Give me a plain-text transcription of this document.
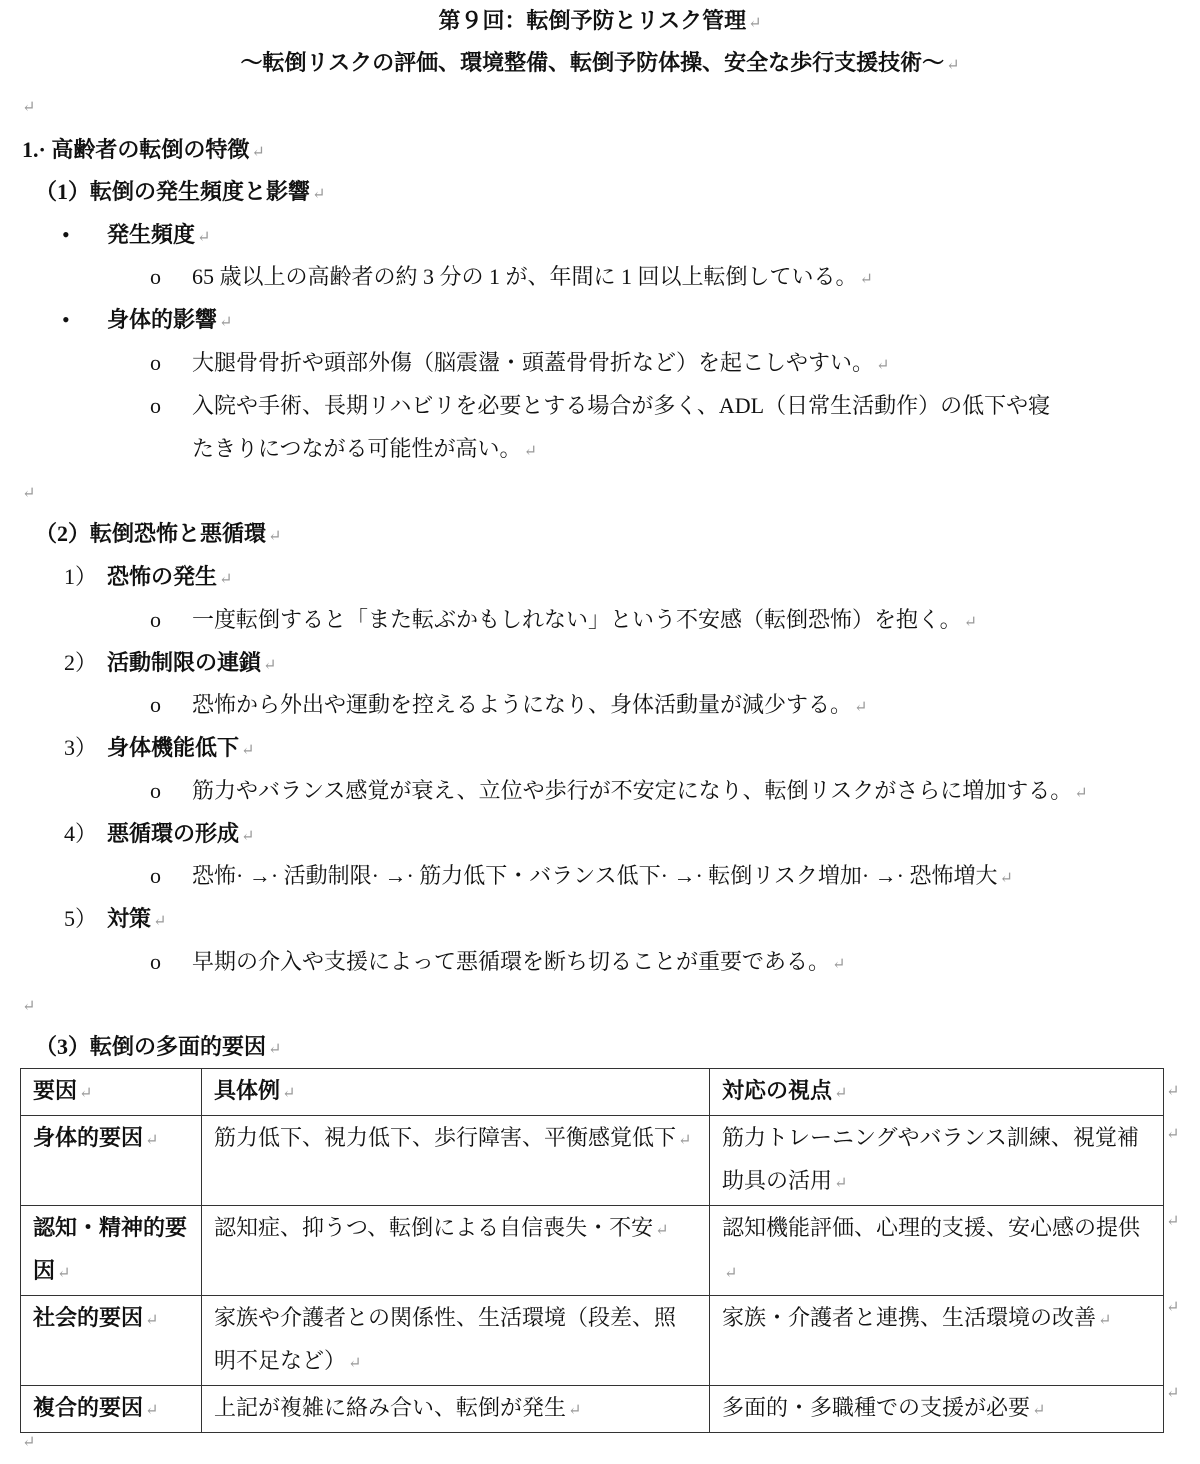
第９回：転倒予防とリスク管理 ↵
～転倒リスクの評価、環境整備、転倒予防体操、安全な歩行支援技術～ ↵
↵
1.· 高齢者の転倒の特徴 ↵
（1）転倒の発生頻度と影響 ↵
• 発生頻度 ↵
o 65 歳以上の高齢者の約 3 分の 1 が、年間に 1 回以上転倒している。 ↵
• 身体的影響 ↵
o 大腿骨骨折や頭部外傷（脳震盪・頭蓋骨骨折など）を起こしやすい。 ↵
o 入院や手術、長期リハビリを必要とする場合が多く、ADL（日常生活動作）の低下や寝
たきりにつながる可能性が高い。 ↵
↵
（2）転倒恐怖と悪循環 ↵
1） 恐怖の発生 ↵
o 一度転倒すると「また転ぶかもしれない」という不安感（転倒恐怖）を抱く。 ↵
2） 活動制限の連鎖 ↵
o 恐怖から外出や運動を控えるようになり、身体活動量が減少する。 ↵
3） 身体機能低下 ↵
o 筋力やバランス感覚が衰え、立位や歩行が不安定になり、転倒リスクがさらに増加する。 ↵
4） 悪循環の形成 ↵
o 恐怖· →· 活動制限· →· 筋力低下・バランス低下· →· 転倒リスク増加· →· 恐怖増大 ↵
5） 対策 ↵
o 早期の介入や支援によって悪循環を断ち切ることが重要である。 ↵
↵
（3）転倒の多面的要因 ↵
要因 ↵	具体例 ↵	対応の視点 ↵
身体的要因 ↵	筋力低下、視力低下、歩行障害、平衡感覚低下 ↵	筋力トレーニングやバランス訓練、視覚補助具の活用 ↵
認知・精神的要因 ↵	認知症、抑うつ、転倒による自信喪失・不安 ↵	認知機能評価、心理的支援、安心感の提供 ↵
社会的要因 ↵	家族や介護者との関係性、生活環境（段差、照明不足など） ↵	家族・介護者と連携、生活環境の改善 ↵
複合的要因 ↵	上記が複雑に絡み合い、転倒が発生 ↵	多面的・多職種での支援が必要 ↵
↵
↵
↵
↵
↵
↵
